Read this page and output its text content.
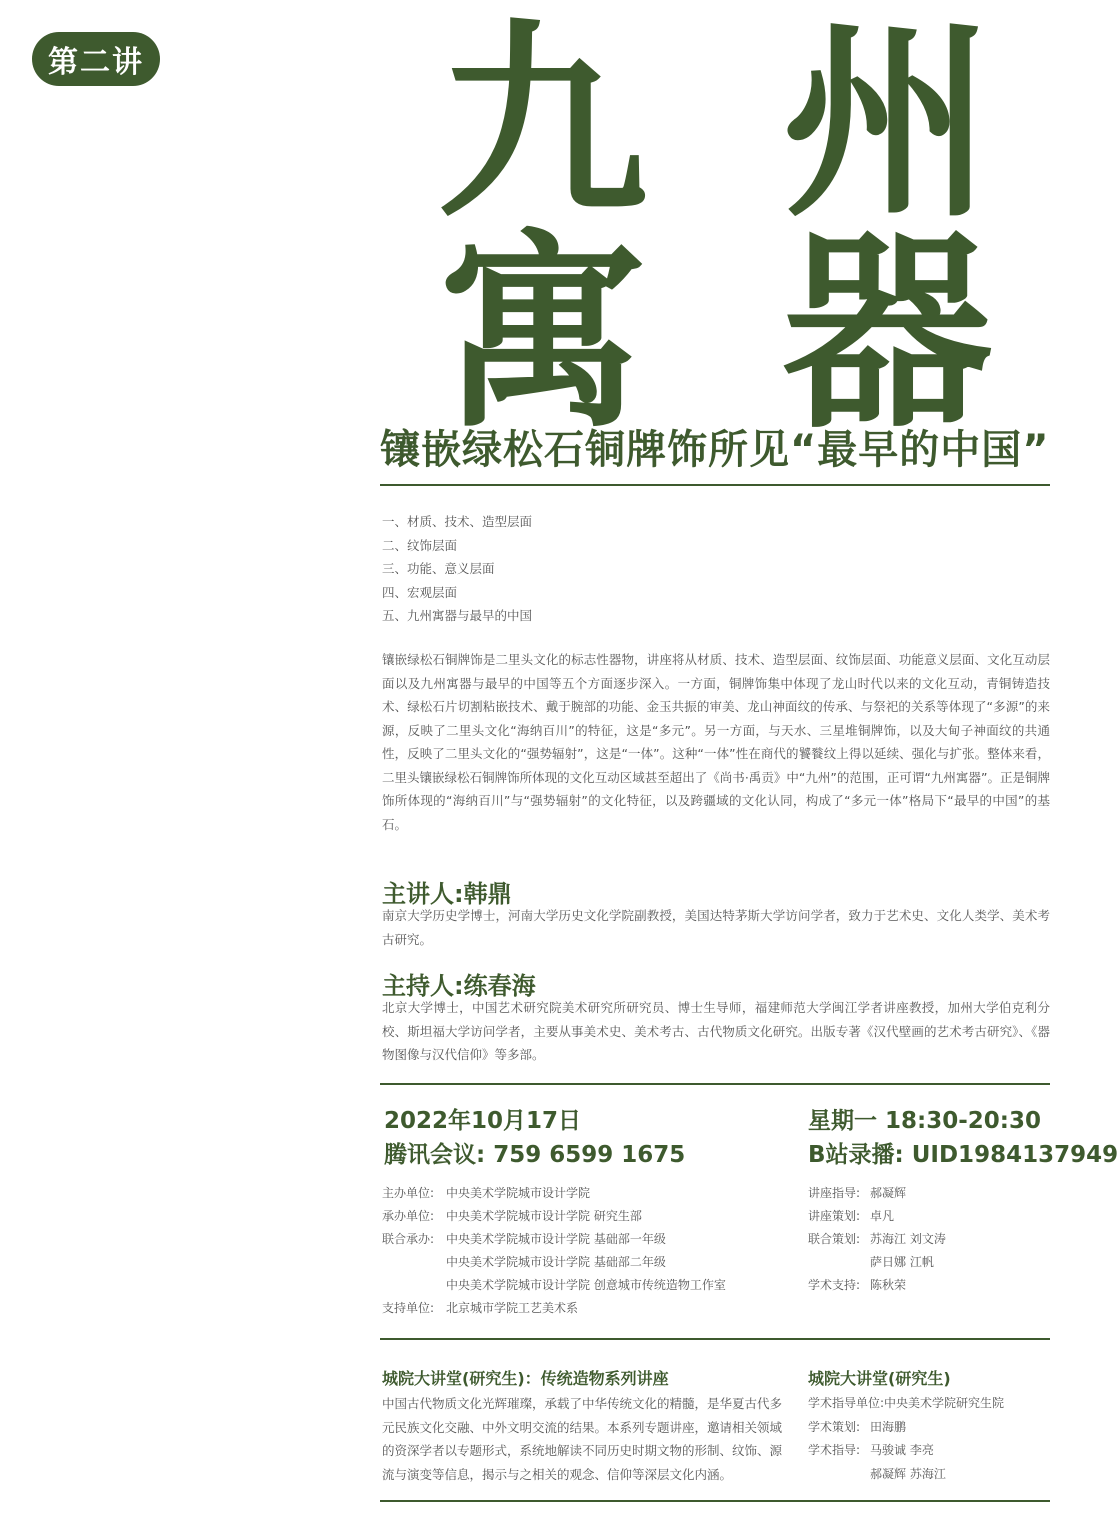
第二讲	九 州
寓 器
镶嵌绿松石铜牌饰所见“最早的中国”
一、材质、技术、造型层面
二、纹饰层面
三、功能、意义层面
四、宏观层面
五、九州寓器与最早的中国
镶嵌绿松石铜牌饰是二里头文化的标志性器物，讲座将从材质、技术、造型层面、纹饰层面、功能意义层面、文化互动层面以及九州寓器与最早的中国等五个方面逐步深入。一方面，铜牌饰集中体现了龙山时代以来的文化互动，青铜铸造技术、绿松石片切割粘嵌技术、戴于腕部的功能、金玉共振的审美、龙山神面纹的传承、与祭祀的关系等体现了“多源”的来源，反映了二里头文化“海纳百川”的特征，这是“多元”。另一方面，与天水、三星堆铜牌饰，以及大甸子神面纹的共通性，反映了二里头文化的“强势辐射”，这是“一体”。这种“一体”性在商代的饕餮纹上得以延续、强化与扩张。整体来看，二里头镶嵌绿松石铜牌饰所体现的文化互动区域甚至超出了《尚书·禹贡》中“九州”的范围，正可谓“九州寓器”。正是铜牌饰所体现的“海纳百川”与“强势辐射”的文化特征，以及跨疆域的文化认同，构成了“多元一体”格局下“最早的中国”的基石。
主讲人:韩鼎
南京大学历史学博士，河南大学历史文化学院副教授，美国达特茅斯大学访问学者，致力于艺术史、文化人类学、美术考古研究。
主持人:练春海
北京大学博士，中国艺术研究院美术研究所研究员、博士生导师，福建师范大学闽江学者讲座教授，加州大学伯克利分校、斯坦福大学访问学者，主要从事美术史、美术考古、古代物质文化研究。出版专著《汉代壁画的艺术考古研究》、《器物图像与汉代信仰》等多部。
2022年10月17日
腾讯会议: 759 6599 1675
星期一 18:30-20:30
B站录播: UID1984137949
主办单位: 中央美术学院城市设计学院
承办单位: 中央美术学院城市设计学院 研究生部
联合承办: 中央美术学院城市设计学院 基础部一年级
中央美术学院城市设计学院 基础部二年级
中央美术学院城市设计学院 创意城市传统造物工作室
支持单位: 北京城市学院工艺美术系
讲座指导: 郝凝辉
讲座策划: 卓凡
联合策划: 苏海江 刘文涛
萨日娜 江帆
学术支持: 陈秋荣
城院大讲堂(研究生)：传统造物系列讲座
中国古代物质文化光辉璀璨，承载了中华传统文化的精髓，是华夏古代多元民族文化交融、中外文明交流的结果。本系列专题讲座，邀请相关领域的资深学者以专题形式，系统地解读不同历史时期文物的形制、纹饰、源流与演变等信息，揭示与之相关的观念、信仰等深层文化内涵。
城院大讲堂(研究生)
学术指导单位: 中央美术学院研究生院
学术策划: 田海鹏
学术指导: 马骏诚 李亮
郝凝辉 苏海江
